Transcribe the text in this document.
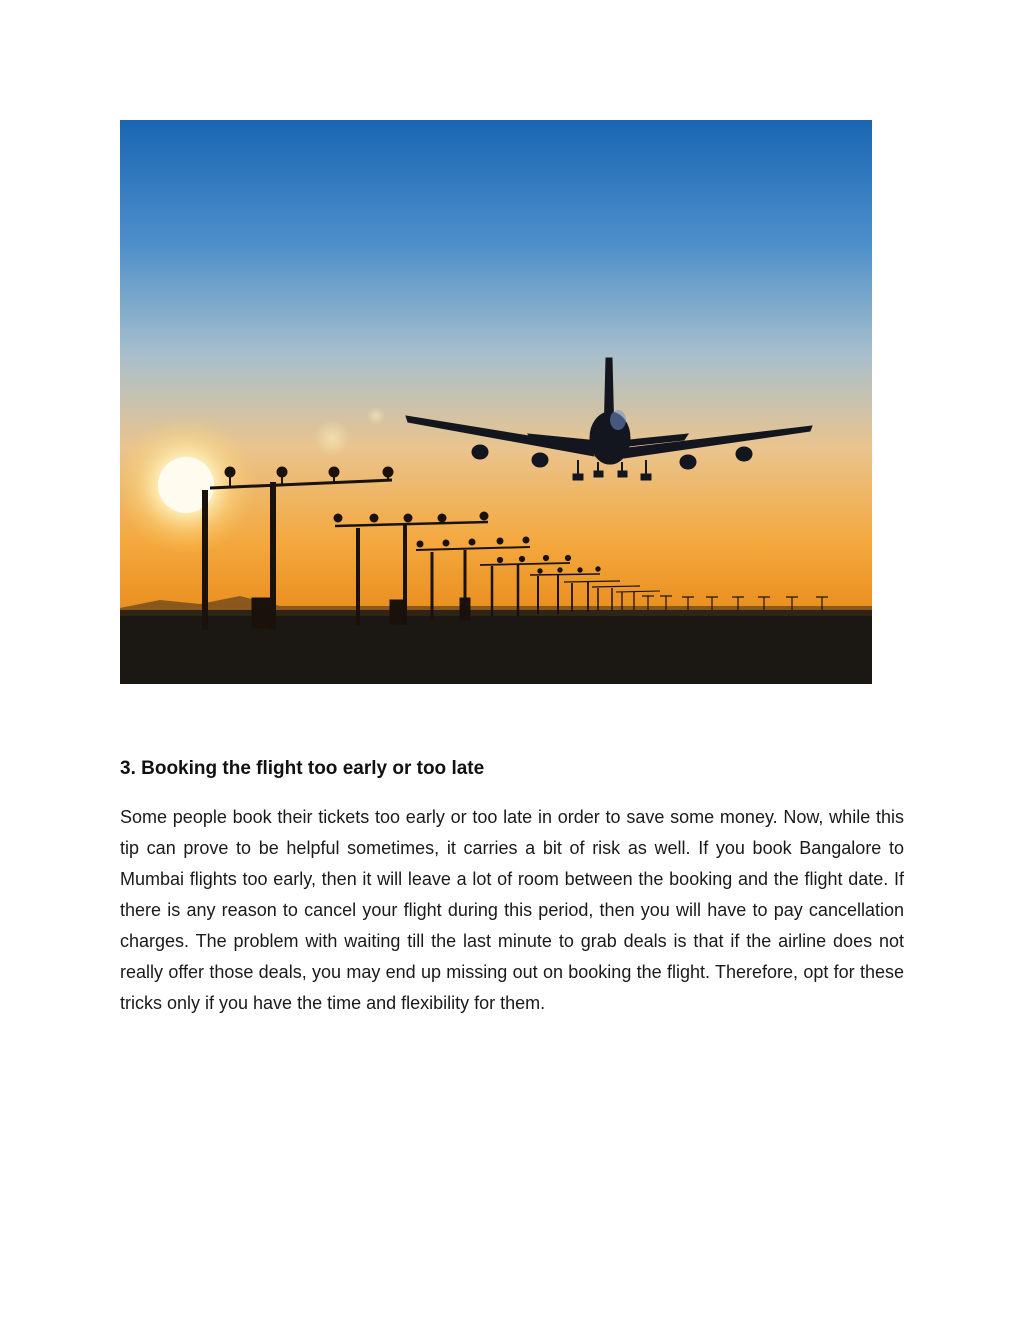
3. Booking the flight too early or too late

Some people book their tickets too early or too late in order to save some money. Now, while this tip can prove to be helpful sometimes, it carries a bit of risk as well. If you book Bangalore to Mumbai flights too early, then it will leave a lot of room between the booking and the flight date. If there is any reason to cancel your flight during this period, then you will have to pay cancellation charges. The problem with waiting till the last minute to grab deals is that if the airline does not really offer those deals, you may end up missing out on booking the flight. Therefore, opt for these tricks only if you have the time and flexibility for them.
